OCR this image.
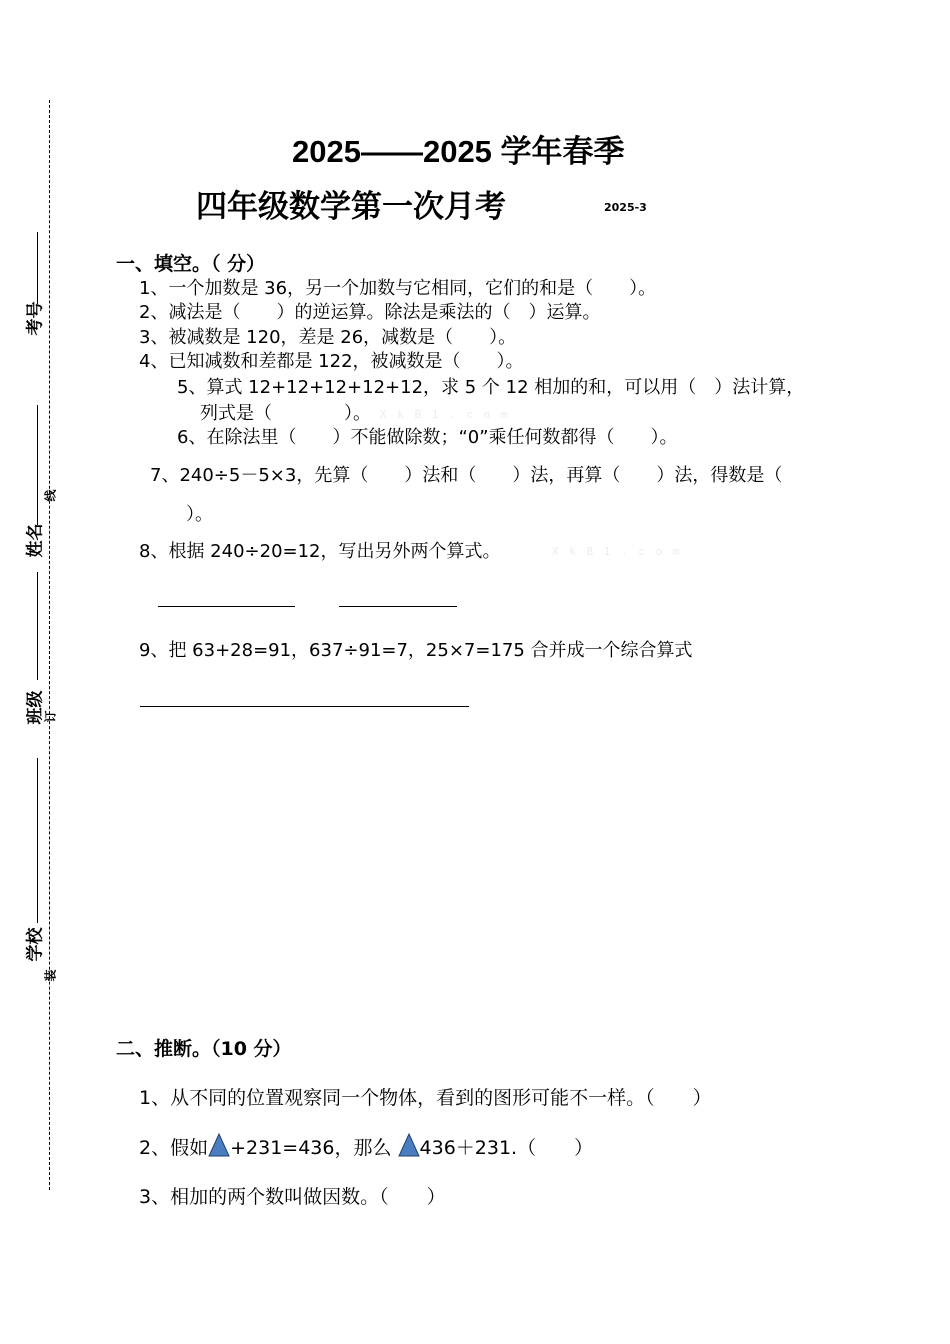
考号
线
姓名
班级
订
学校
装
2025——2025 学年春季
四年级数学第一次月考	2025-3
一、填空。（ 分）
1、一个加数是 36，另一个加数与它相同，它们的和是（　　）。
2、减法是（　　）的逆运算。除法是乘法的（　）运算。
3、被减数是 120，差是 26，减数是（　　）。
4、已知减数和差都是 122，被减数是（　　）。
5、算式 12+12+12+12+12，求 5 个 12 相加的和，可以用（　）法计算，
列式是（　　　　）。 X k B 1 . c o m
6、在除法里（　　）不能做除数；“0”乘任何数都得（　　）。
7、240÷5－5×3，先算（　　）法和（　　）法，再算（　　）法，得数是（
）。
8、根据 240÷20=12，写出另外两个算式。	X k B 1 . c o m
9、把 63+28=91，637÷91=7，25×7=175 合并成一个综合算式
二、推断。（10 分）
1、从不同的位置观察同一个物体，看到的图形可能不一样。（　　）
2、假如 +231=436，那么 436＋231.（　　）
3、相加的两个数叫做因数。（　　）
